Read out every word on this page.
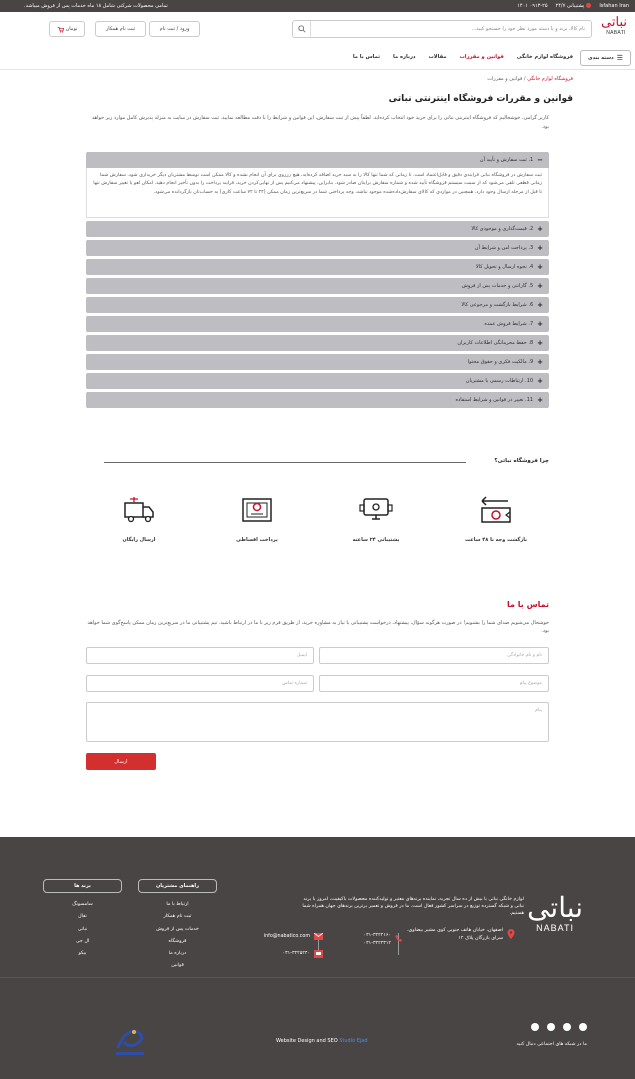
Isfahan Iran
پشتیبانی ۲۴/۷
۰۹۱۳-۲۵ ۱۴۰۱
تمامی محصولات شرکتی شامل ۱۸ ماه خدمات پس از فروش میباشد.
نباتی
NABATI
نام کالا، برند و یا دسته مورد نظر خود را جستجو کنید...
ورود / ثبت نام
ثبت نام همکار
تومان
☰
دسته بندی
فروشگاه لوازم خانگی
قوانین و مقررات
مقالات
درباره ما
تماس با ما
فروشگاه لوازم خانگی / قوانین و مقررات
قوانین و مقررات فروشگاه اینترنتی نباتی

کاربر گرامی، خوشحالیم که فروشگاه اینترنتی نباتی را برای خرید خود انتخاب کرده‌اید. لطفاً پیش از ثبت سفارش، این قوانین و شرایط را با دقت مطالعه نمایید. ثبت سفارش در سایت به منزله پذیرش کامل موارد زیر خواهد بود.

−
1. ثبت سفارش و تأیید آن
ثبت سفارش در فروشگاه نباتی فرایندی دقیق و قابل‌اعتماد است. تا زمانی که شما تنها کالا را به سبد خرید اضافه کرده‌اید، هیچ رزروی برای آن انجام نشده و کالا ممکن است توسط مشتریان دیگر خریداری شود. سفارش شما زمانی قطعی تلقی می‌شود که از سمت سیستم فروشگاه تأیید شده و شماره سفارش برایتان صادر شود. بنابراین، پیشنهاد می‌کنیم پس از نهایی‌کردن خرید، فرایند پرداخت را بدون تأخیر انجام دهید. امکان لغو یا تغییر سفارش تنها تا قبل از مرحله ارسال وجود دارد. همچنین در مواردی که کالای سفارش‌داده‌شده موجود نباشد، وجه پرداختی شما در سریع‌ترین زمان ممکن (۲۴ تا ۷۲ ساعت کاری) به حساب‌تان بازگردانده می‌شود.
+
2. قیمت‌گذاری و موجودی کالا
+
3. پرداخت امن و شرایط آن
+
4. نحوه ارسال و تحویل کالا
+
5. گارانتی و خدمات پس از فروش
+
6. شرایط بازگشت و مرجوعی کالا
+
7. شرایط فروش عمده
+
8. حفظ محرمانگی اطلاعات کاربران
+
9. مالکیت فکری و حقوق محتوا
+
10. ارتباطات رسمی با مشتریان
+
11. تغییر در قوانین و شرایط استفاده
چرا فروشگاه نباتی؟
بازگشت وجه تا ۴۸ ساعت
پشتیبانی ۲۴ ساعته
پرداخت اقساطی
ارسال رایگان
تماس با ما

خوشحال می‌شویم صدای شما را بشنویم! در صورت هرگونه سؤال، پیشنهاد، درخواست پشتیبانی یا نیاز به مشاوره خرید، از طریق فرم زیر با ما در ارتباط باشید. تیم پشتیبانی ما در سریع‌ترین زمان ممکن پاسخ‌گوی شما خواهد بود.

نام و نام خانوادگی
ایمیل
موضوع پیام
شماره تماس
پیام
ارسال
نباتی
NABATI
لوازم خانگی نباتی با بیش از ده سال تجربه، نماینده برندهای معتبر و تولیدکننده محصولات باکیفیت، امروز با برند نباتی و شبکه گسترده توزیع در سراسر کشور فعال است. ما در فروش و تعمیر برترین برندهای جهان همراه شما هستیم.
اصفهان، خیابان هاتف جنوبی کوی مشیر بیضاوی، سرای بازرگان پلاک ۱۲
۰۳۱-۳۲۲۲۱۶۰
۰۳۱-۳۲۲۲۳۱۲
info@nabatico.com
۰۳۱-۳۲۲۵۲۴۰
راهنمای مشتریان
ارتباط با ما
ثبت نام همکار
خدمات پس از فروش
فروشگاه
درباره ما
قوانین
برند ها
سامسونگ
تفال
نباتی
ال جی
بیکو
ما در شبکه های اجتماعی دنبال کنید
Website Design and SEO Studio Ejad
